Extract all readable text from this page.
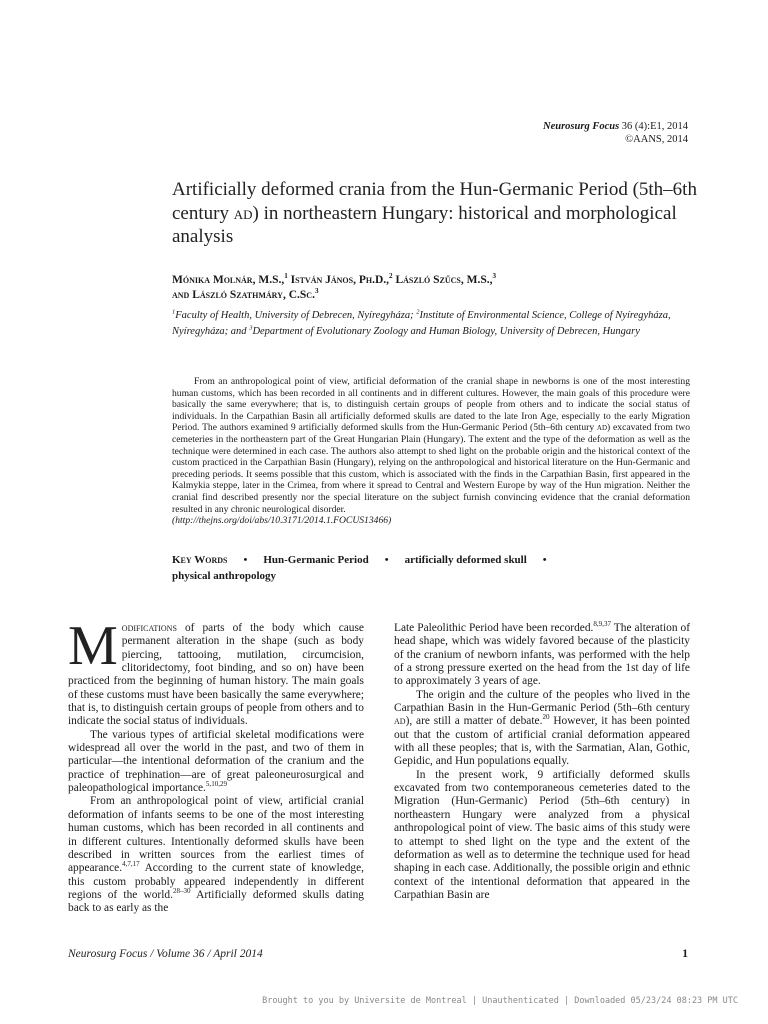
Neurosurg Focus 36 (4):E1, 2014
©AANS, 2014
Artificially deformed crania from the Hun-Germanic Period (5th–6th century ad) in northeastern Hungary: historical and morphological analysis
Mónika Molnár, M.S.,$^1$ István János, Ph.D.,$^2$ László Szűcs, M.S.,$^3$
and László Szathmáry, C.Sc.$^3$
$^1$Faculty of Health, University of Debrecen, Nyíregyháza; $^2$Institute of Environmental Science, College of Nyíregyháza, Nyíregyháza; and $^3$Department of Evolutionary Zoology and Human Biology, University of Debrecen, Hungary

From an anthropological point of view, artificial deformation of the cranial shape in newborns is one of the most interesting human customs, which has been recorded in all continents and in different cultures. However, the main goals of this procedure were basically the same everywhere; that is, to distinguish certain groups of people from others and to indicate the social status of individuals. In the Carpathian Basin all artificially deformed skulls are dated to the late Iron Age, especially to the early Migration Period. The authors examined 9 artificially deformed skulls from the Hun-Germanic Period (5th–6th century ad) excavated from two cemeteries in the northeastern part of the Great Hungarian Plain (Hungary). The extent and the type of the deformation as well as the technique were determined in each case. The authors also attempt to shed light on the probable origin and the historical context of the custom practiced in the Carpathian Basin (Hungary), relying on the anthropological and historical literature on the Hun-Germanic and preceding periods. It seems possible that this custom, which is associated with the finds in the Carpathian Basin, first appeared in the Kalmykia steppe, later in the Crimea, from where it spread to Central and Western Europe by way of the Hun migration. Neither the cranial find described presently nor the special literature on the subject furnish convincing evidence that the cranial deformation resulted in any chronic neurological disorder.
(http://thejns.org/doi/abs/10.3171/2014.1.FOCUS13466)

Key Words • Hun-Germanic Period • artificially deformed skull •
physical anthropology

Modifications of parts of the body which cause permanent alteration in the shape (such as body piercing, tattooing, mutilation, circumcision, clitoridectomy, foot binding, and so on) have been practiced from the beginning of human history. The main goals of these customs must have been basically the same everywhere; that is, to distinguish certain groups of people from others and to indicate the social status of individuals.

The various types of artificial skeletal modifications were widespread all over the world in the past, and two of them in particular—the intentional deformation of the cranium and the practice of trephination—are of great paleoneurosurgical and paleopathological importance.$^{5,10,29}$

From an anthropological point of view, artificial cranial deformation of infants seems to be one of the most interesting human customs, which has been recorded in all continents and in different cultures. Intentionally deformed skulls have been described in written sources from the earliest times of appearance.$^{4,7,17}$ According to the current state of knowledge, this custom probably appeared independently in different regions of the world.$^{28-30}$ Artificially deformed skulls dating back to as early as the

Late Paleolithic Period have been recorded.$^{8,9,37}$ The alteration of head shape, which was widely favored because of the plasticity of the cranium of newborn infants, was performed with the help of a strong pressure exerted on the head from the 1st day of life to approximately 3 years of age.

The origin and the culture of the peoples who lived in the Carpathian Basin in the Hun-Germanic Period (5th–6th century ad), are still a matter of debate.$^{20}$ However, it has been pointed out that the custom of artificial cranial deformation appeared with all these peoples; that is, with the Sarmatian, Alan, Gothic, Gepidic, and Hun populations equally.

In the present work, 9 artificially deformed skulls excavated from two contemporaneous cemeteries dated to the Migration (Hun-Germanic) Period (5th–6th century) in northeastern Hungary were analyzed from a physical anthropological point of view. The basic aims of this study were to attempt to shed light on the type and the extent of the deformation as well as to determine the technique used for head shaping in each case. Additionally, the possible origin and ethnic context of the intentional deformation that appeared in the Carpathian Basin are

Neurosurg Focus / Volume 36 / April 2014	1
Brought to you by Universite de Montreal | Unauthenticated | Downloaded 05/23/24 08:23 PM UTC
